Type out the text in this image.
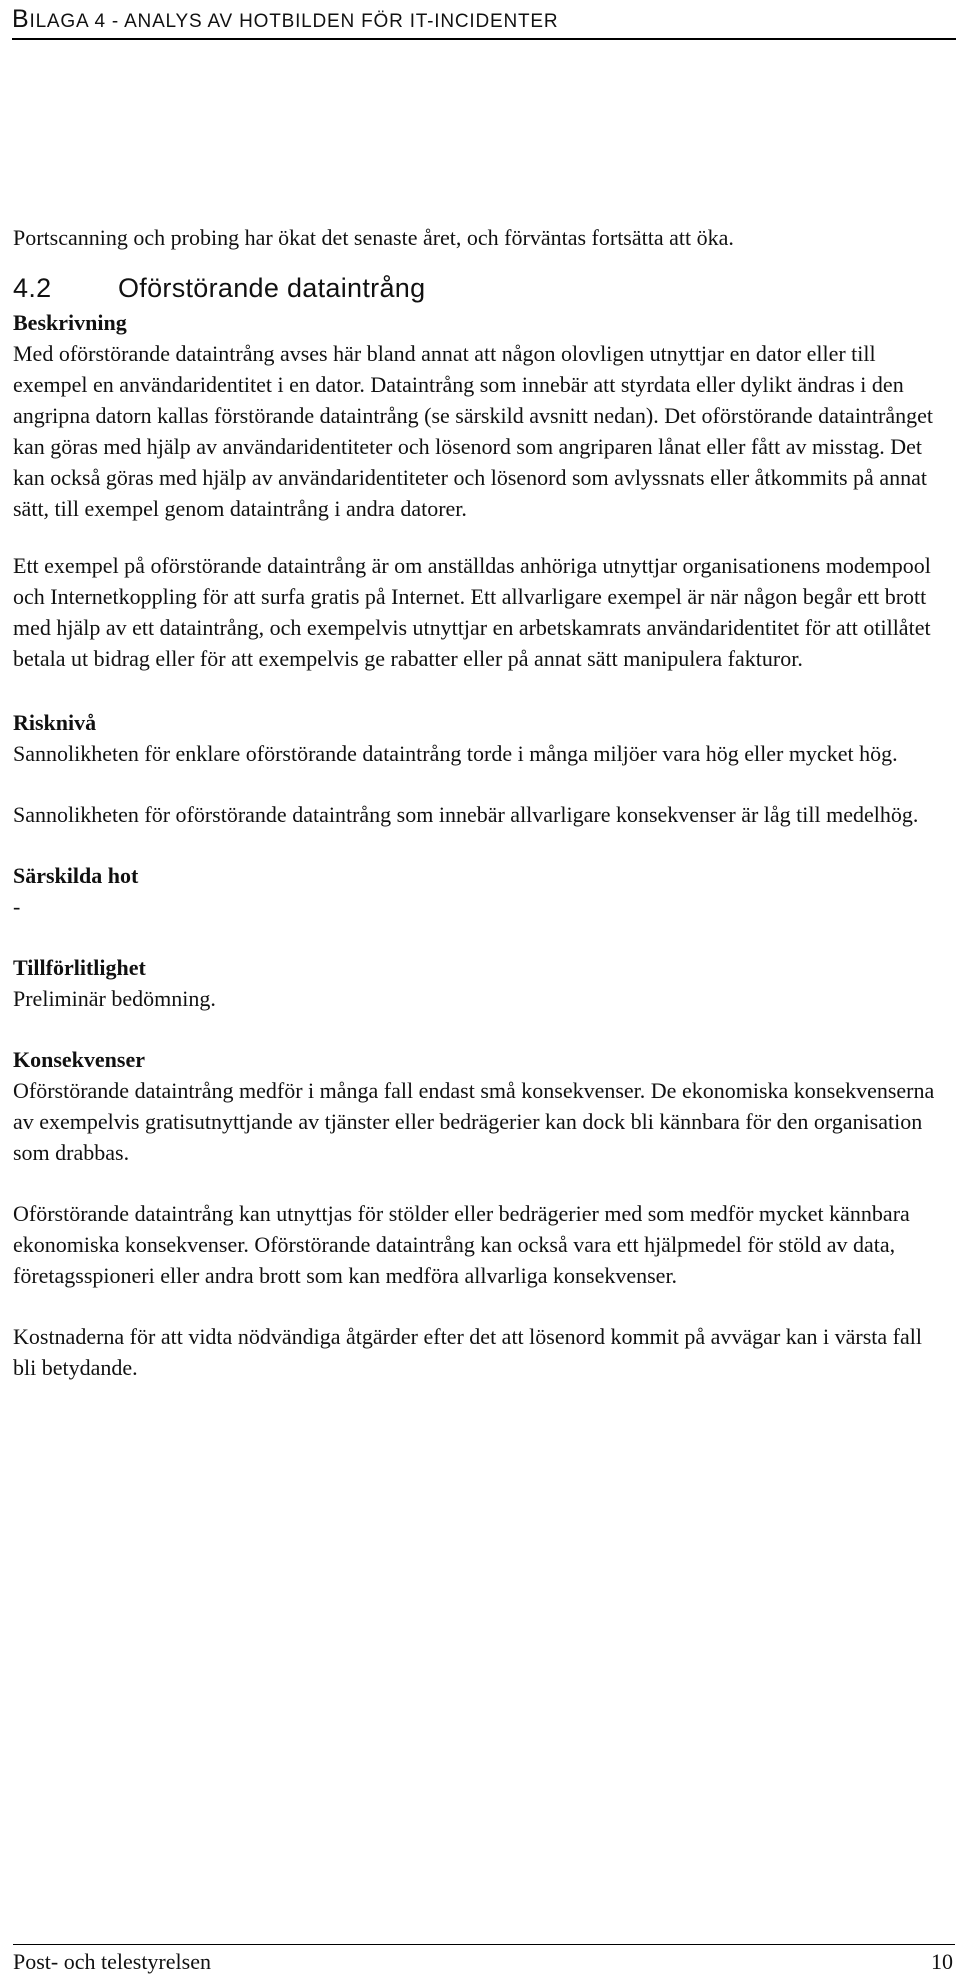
BILAGA 4 - ANALYS AV HOTBILDEN FÖR IT-INCIDENTER

Portscanning och probing har ökat det senaste året, och förväntas fortsätta att öka.

4.2 Oförstörande dataintrång
Beskrivning

Med oförstörande dataintrång avses här bland annat att någon olovligen utnyttjar en dator eller till exempel en användaridentitet i en dator. Dataintrång som innebär att styrdata eller dylikt ändras i den angripna datorn kallas förstörande dataintrång (se särskild avsnitt nedan). Det oförstörande dataintrånget kan göras med hjälp av användaridentiteter och lösenord som angriparen lånat eller fått av misstag. Det kan också göras med hjälp av användaridentiteter och lösenord som avlyssnats eller åtkommits på annat sätt, till exempel genom dataintrång i andra datorer.

Ett exempel på oförstörande dataintrång är om anställdas anhöriga utnyttjar organisationens modempool och Internetkoppling för att surfa gratis på Internet. Ett allvarligare exempel är när någon begår ett brott med hjälp av ett dataintrång, och exempelvis utnyttjar en arbetskamrats användaridentitet för att otillåtet betala ut bidrag eller för att exempelvis ge rabatter eller på annat sätt manipulera fakturor.

Risknivå

Sannolikheten för enklare oförstörande dataintrång torde i många miljöer vara hög eller mycket hög.

Sannolikheten för oförstörande dataintrång som innebär allvarligare konsekvenser är låg till medelhög.

Särskilda hot

-

Tillförlitlighet

Preliminär bedömning.

Konsekvenser

Oförstörande dataintrång medför i många fall endast små konsekvenser. De ekonomiska konsekvenserna av exempelvis gratisutnyttjande av tjänster eller bedrägerier kan dock bli kännbara för den organisation som drabbas.

Oförstörande dataintrång kan utnyttjas för stölder eller bedrägerier med som medför mycket kännbara ekonomiska konsekvenser. Oförstörande dataintrång kan också vara ett hjälpmedel för stöld av data, företagsspioneri eller andra brott som kan medföra allvarliga konsekvenser.

Kostnaderna för att vidta nödvändiga åtgärder efter det att lösenord kommit på avvägar kan i värsta fall bli betydande.

Post- och telestyrelsen	10
